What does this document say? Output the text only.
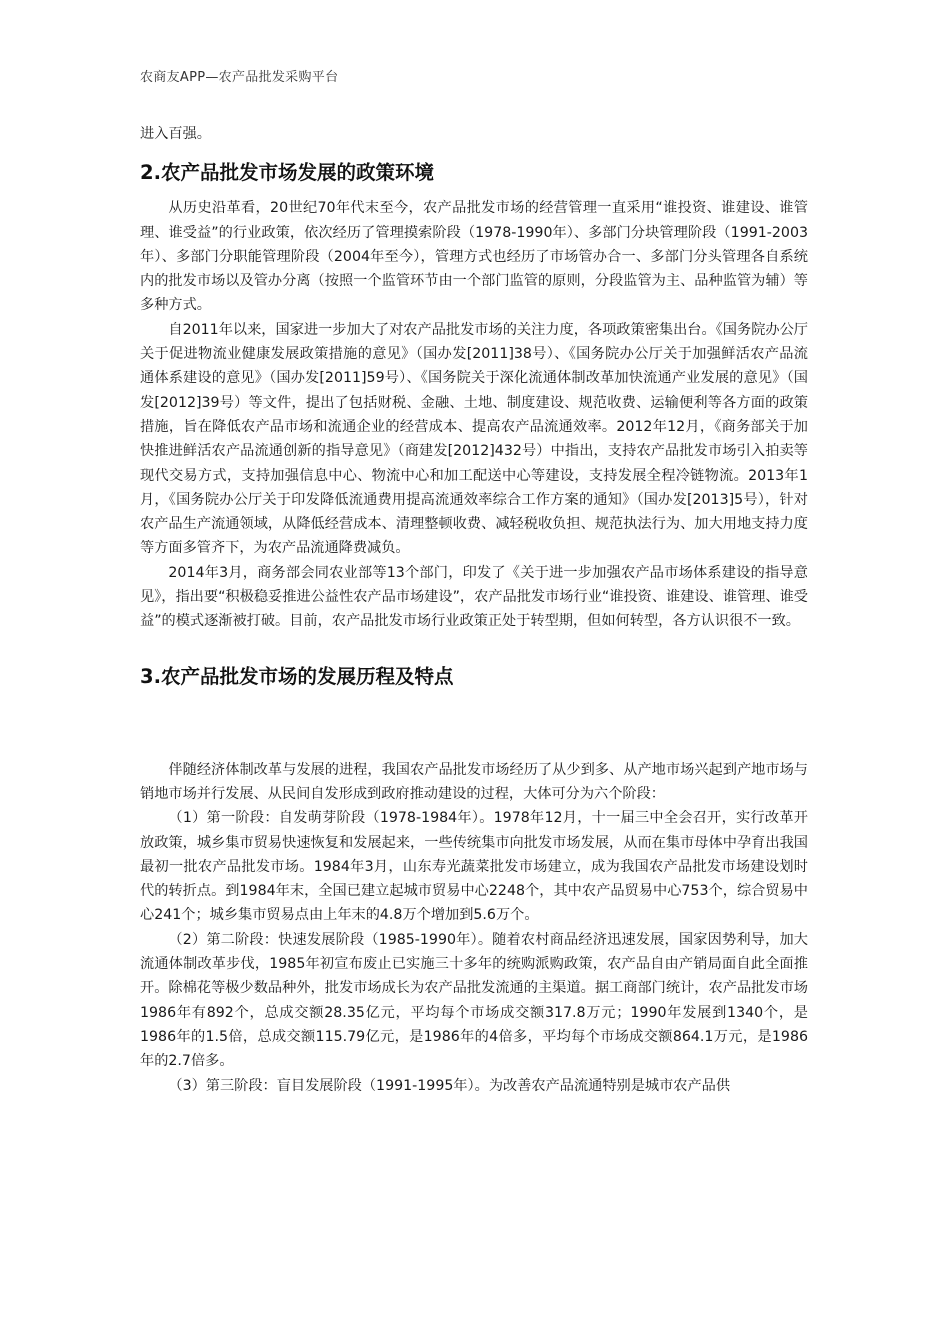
农商友APP—农产品批发采购平台

进入百强。

2.农产品批发市场发展的政策环境

从历史沿革看，20世纪70年代末至今，农产品批发市场的经营管理一直采用“谁投资、谁建设、谁管理、谁受益”的行业政策，依次经历了管理摸索阶段（1978-1990年）、多部门分块管理阶段（1991-2003年）、多部门分职能管理阶段（2004年至今），管理方式也经历了市场管办合一、多部门分头管理各自系统内的批发市场以及管办分离（按照一个监管环节由一个部门监管的原则，分段监管为主、品种监管为辅）等多种方式。

自2011年以来，国家进一步加大了对农产品批发市场的关注力度，各项政策密集出台。《国务院办公厅关于促进物流业健康发展政策措施的意见》（国办发[2011]38号）、《国务院办公厅关于加强鲜活农产品流通体系建设的意见》（国办发[2011]59号）、《国务院关于深化流通体制改革加快流通产业发展的意见》（国发[2012]39号）等文件，提出了包括财税、金融、土地、制度建设、规范收费、运输便利等各方面的政策措施，旨在降低农产品市场和流通企业的经营成本、提高农产品流通效率。2012年12月，《商务部关于加快推进鲜活农产品流通创新的指导意见》（商建发[2012]432号）中指出，支持农产品批发市场引入拍卖等现代交易方式，支持加强信息中心、物流中心和加工配送中心等建设，支持发展全程冷链物流。2013年1月，《国务院办公厅关于印发降低流通费用提高流通效率综合工作方案的通知》（国办发[2013]5号），针对农产品生产流通领域，从降低经营成本、清理整顿收费、减轻税收负担、规范执法行为、加大用地支持力度等方面多管齐下，为农产品流通降费减负。

2014年3月，商务部会同农业部等13个部门，印发了《关于进一步加强农产品市场体系建设的指导意见》，指出要“积极稳妥推进公益性农产品市场建设”，农产品批发市场行业“谁投资、谁建设、谁管理、谁受益”的模式逐渐被打破。目前，农产品批发市场行业政策正处于转型期，但如何转型，各方认识很不一致。

3.农产品批发市场的发展历程及特点

伴随经济体制改革与发展的进程，我国农产品批发市场经历了从少到多、从产地市场兴起到产地市场与销地市场并行发展、从民间自发形成到政府推动建设的过程，大体可分为六个阶段：

（1）第一阶段：自发萌芽阶段（1978-1984年）。1978年12月，十一届三中全会召开，实行改革开放政策，城乡集市贸易快速恢复和发展起来，一些传统集市向批发市场发展，从而在集市母体中孕育出我国最初一批农产品批发市场。1984年3月，山东寿光蔬菜批发市场建立，成为我国农产品批发市场建设划时代的转折点。到1984年末，全国已建立起城市贸易中心2248个，其中农产品贸易中心753个，综合贸易中心241个；城乡集市贸易点由上年末的4.8万个增加到5.6万个。

（2）第二阶段：快速发展阶段（1985-1990年）。随着农村商品经济迅速发展，国家因势利导，加大流通体制改革步伐，1985年初宣布废止已实施三十多年的统购派购政策，农产品自由产销局面自此全面推开。除棉花等极少数品种外，批发市场成长为农产品批发流通的主渠道。据工商部门统计，农产品批发市场1986年有892个，总成交额28.35亿元，平均每个市场成交额317.8万元；1990年发展到1340个，是1986年的1.5倍，总成交额115.79亿元，是1986年的4倍多，平均每个市场成交额864.1万元，是1986年的2.7倍多。

（3）第三阶段：盲目发展阶段（1991-1995年）。为改善农产品流通特别是城市农产品供
